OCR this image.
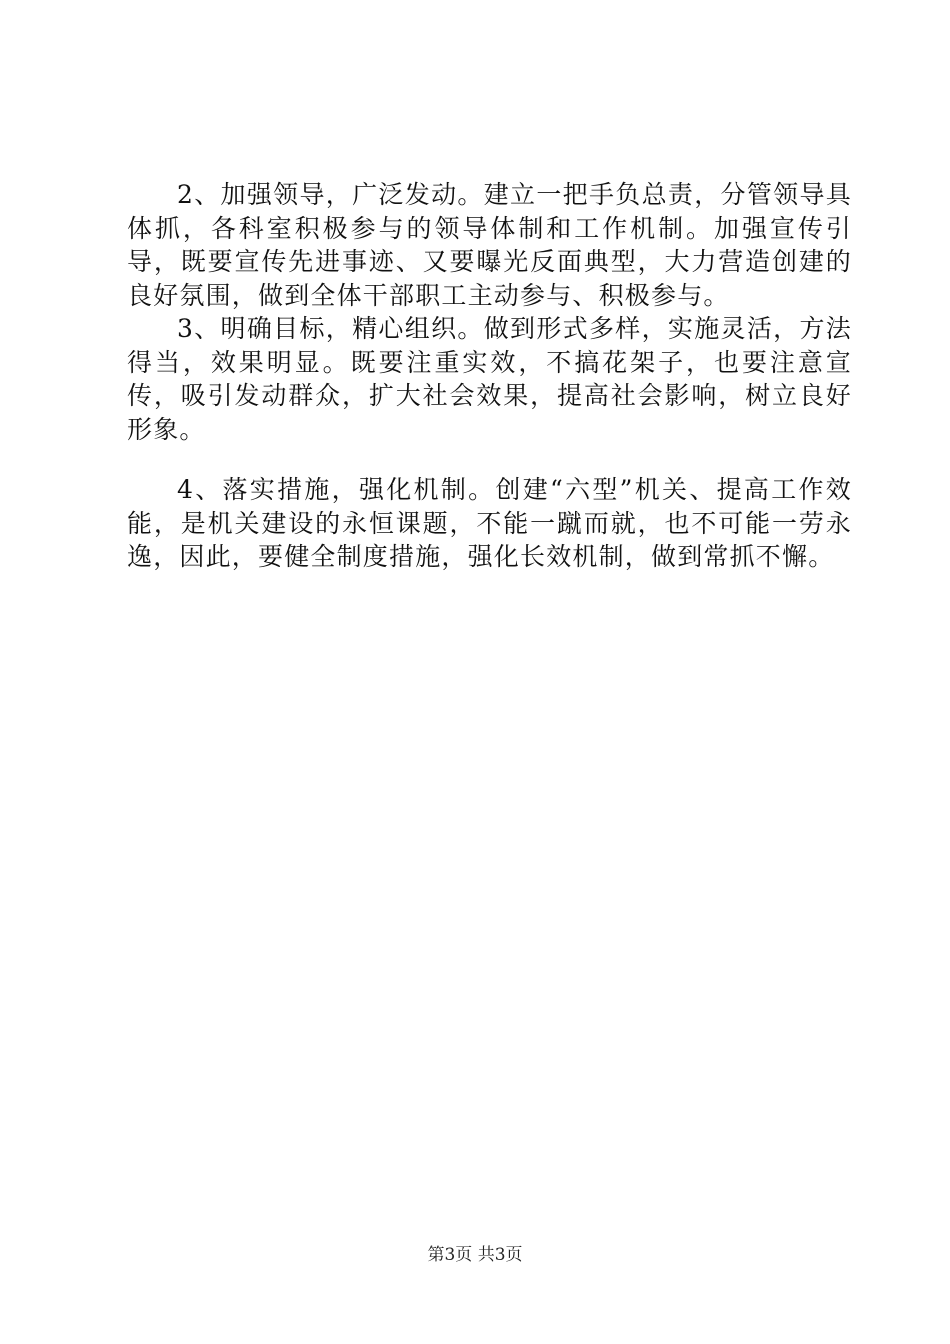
2、加强领导，广泛发动。建立一把手负总责，分管领导具体抓，各科室积极参与的领导体制和工作机制。加强宣传引导，既要宣传先进事迹、又要曝光反面典型，大力营造创建的良好氛围，做到全体干部职工主动参与、积极参与。

3、明确目标，精心组织。做到形式多样，实施灵活，方法得当，效果明显。既要注重实效，不搞花架子，也要注意宣传，吸引发动群众，扩大社会效果，提高社会影响，树立良好形象。

4、落实措施，强化机制。创建“六型”机关、提高工作效能，是机关建设的永恒课题，不能一蹴而就，也不可能一劳永逸，因此，要健全制度措施，强化长效机制，做到常抓不懈。

第3页 共3页
